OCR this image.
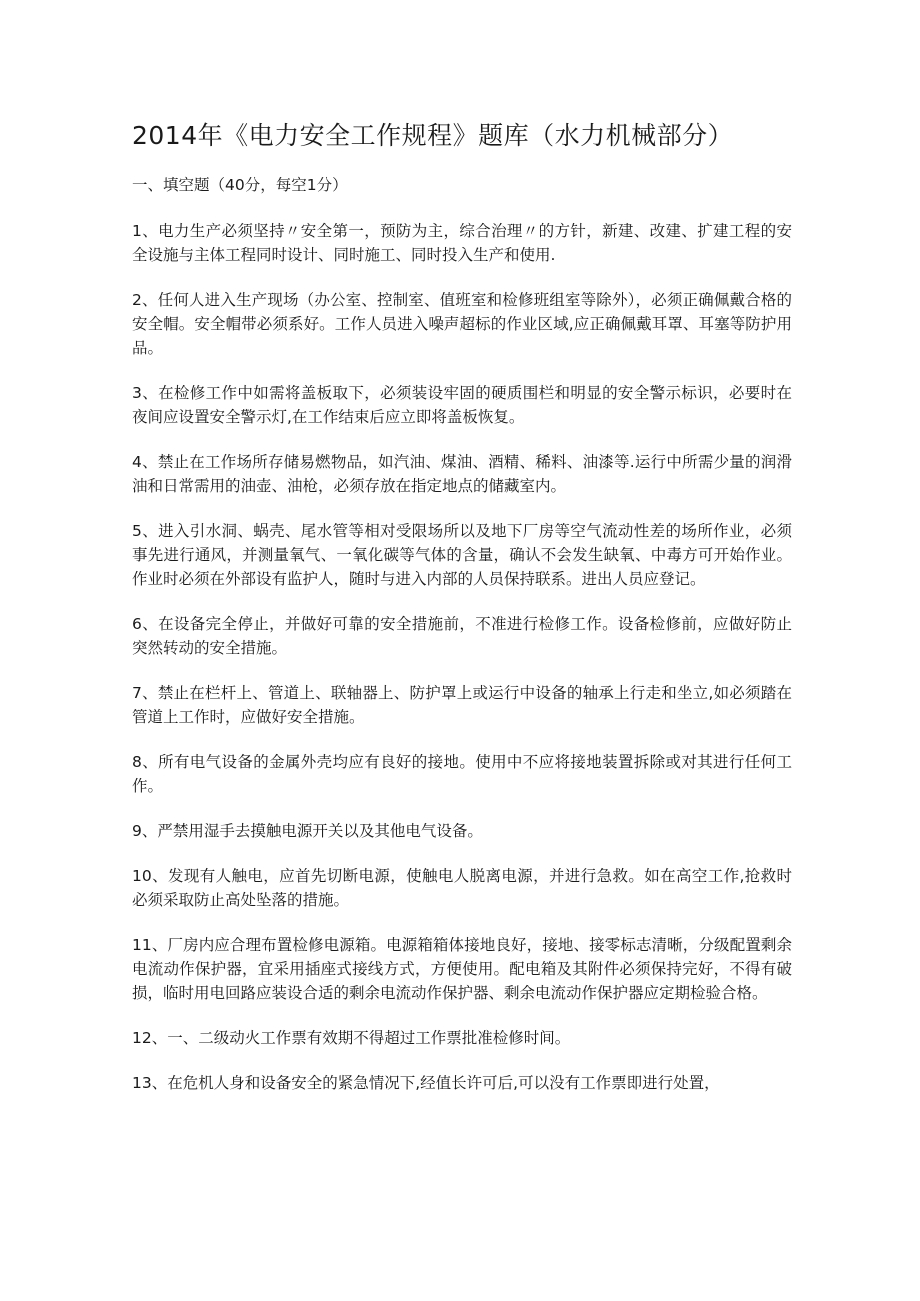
2014年《电力安全工作规程》题库（水力机械部分）

一、填空题（40分，每空1分）

1、电力生产必须坚持〃安全第一，预防为主，综合治理〃的方针，新建、改建、扩建工程的安全设施与主体工程同时设计、同时施工、同时投入生产和使用.

2、任何人进入生产现场（办公室、控制室、值班室和检修班组室等除外），必须正确佩戴合格的安全帽。安全帽带必须系好。工作人员进入噪声超标的作业区域,应正确佩戴耳罩、耳塞等防护用品。

3、在检修工作中如需将盖板取下，必须装设牢固的硬质围栏和明显的安全警示标识，必要时在夜间应设置安全警示灯,在工作结束后应立即将盖板恢复。

4、禁止在工作场所存储易燃物品，如汽油、煤油、酒精、稀料、油漆等.运行中所需少量的润滑油和日常需用的油壶、油枪，必须存放在指定地点的储藏室内。

5、进入引水洞、蜗壳、尾水管等相对受限场所以及地下厂房等空气流动性差的场所作业，必须事先进行通风，并测量氧气、一氧化碳等气体的含量，确认不会发生缺氧、中毒方可开始作业。作业时必须在外部设有监护人，随时与进入内部的人员保持联系。进出人员应登记。

6、在设备完全停止，并做好可靠的安全措施前，不准进行检修工作。设备检修前，应做好防止突然转动的安全措施。

7、禁止在栏杆上、管道上、联轴器上、防护罩上或运行中设备的轴承上行走和坐立,如必须踏在管道上工作时，应做好安全措施。

8、所有电气设备的金属外壳均应有良好的接地。使用中不应将接地装置拆除或对其进行任何工作。

9、严禁用湿手去摸触电源开关以及其他电气设备。

10、发现有人触电，应首先切断电源，使触电人脱离电源，并进行急救。如在高空工作,抢救时必须采取防止高处坠落的措施。

11、厂房内应合理布置检修电源箱。电源箱箱体接地良好，接地、接零标志清晰，分级配置剩余电流动作保护器，宜采用插座式接线方式，方便使用。配电箱及其附件必须保持完好，不得有破损，临时用电回路应装设合适的剩余电流动作保护器、剩余电流动作保护器应定期检验合格。

12、一、二级动火工作票有效期不得超过工作票批准检修时间。

13、在危机人身和设备安全的紧急情况下,经值长许可后,可以没有工作票即进行处置，
